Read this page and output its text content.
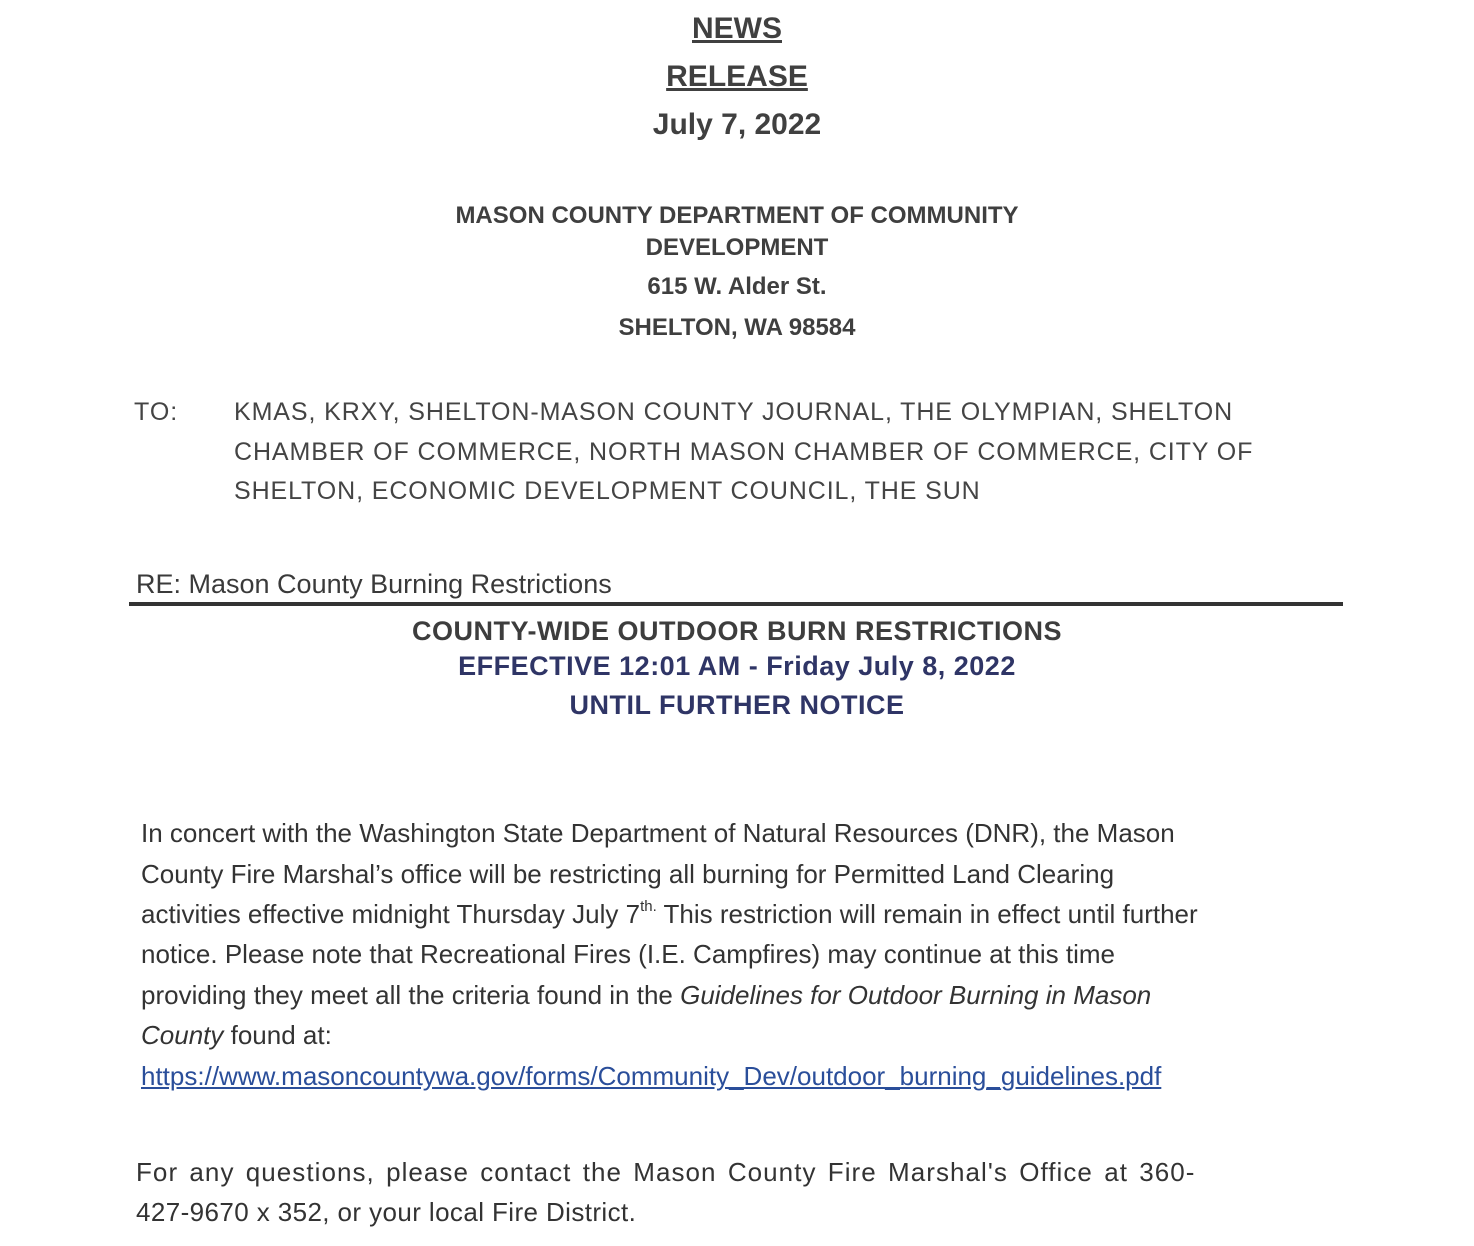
NEWS
RELEASE
July 7, 2022
MASON COUNTY DEPARTMENT OF COMMUNITY
DEVELOPMENT
615 W. Alder St.
SHELTON, WA 98584
TO: KMAS, KRXY, SHELTON-MASON COUNTY JOURNAL, THE OLYMPIAN, SHELTON
CHAMBER OF COMMERCE, NORTH MASON CHAMBER OF COMMERCE, CITY OF
SHELTON, ECONOMIC DEVELOPMENT COUNCIL, THE SUN
RE: Mason County Burning Restrictions
COUNTY-WIDE OUTDOOR BURN RESTRICTIONS
EFFECTIVE 12:01 AM - Friday July 8, 2022
UNTIL FURTHER NOTICE
In concert with the Washington State Department of Natural Resources (DNR), the Mason
County Fire Marshal’s office will be restricting all burning for Permitted Land Clearing
activities effective midnight Thursday July $7^{th.}$ This restriction will remain in effect until further
notice. Please note that Recreational Fires (I.E. Campfires) may continue at this time
providing they meet all the criteria found in the Guidelines for Outdoor Burning in Mason
County found at:
https://www.masoncountywa.gov/forms/Community_Dev/outdoor_burning_guidelines.pdf
For any questions, please contact the Mason County Fire Marshal's Office at 360-
427-9670 x 352, or your local Fire District.
